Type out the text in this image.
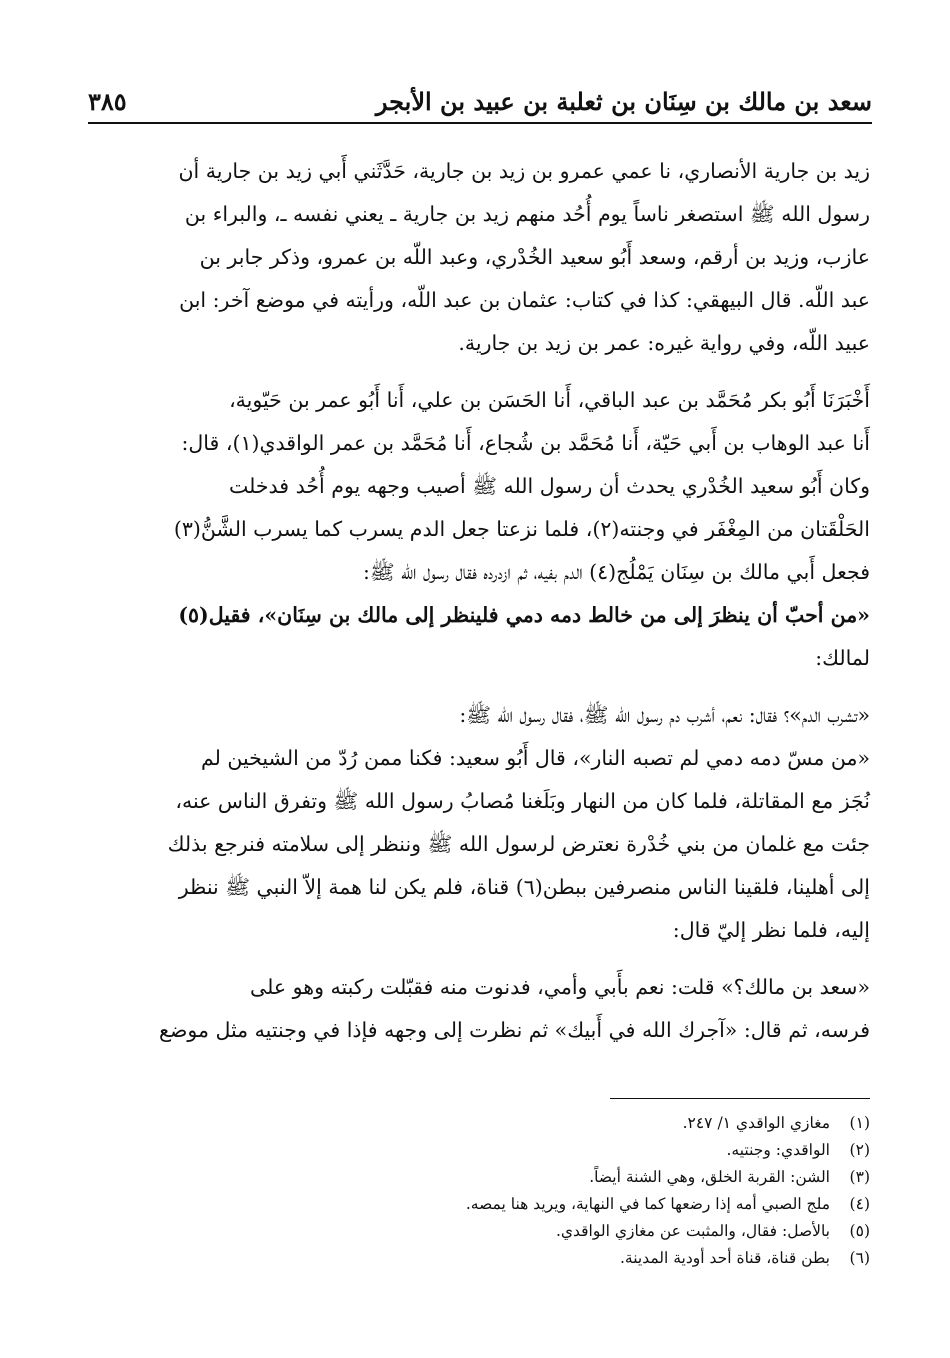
سعد بن مالك بن سِنَان بن ثعلبة بن عبيد بن الأبجر
٣٨٥

زيد بن جارية الأنصاري، نا عمي عمرو بن زيد بن جارية، حَدَّثَني أَبي زيد بن جارية أن

رسول الله ﷺ استصغر ناساً يوم أُحُد منهم زيد بن جارية ـ يعني نفسه ـ، والبراء بن

عازب، وزيد بن أرقم، وسعد أَبُو سعيد الخُدْري، وعبد اللّه بن عمرو، وذكر جابر بن

عبد اللّه. قال البيهقي: كذا في كتاب: عثمان بن عبد اللّه، ورأيته في موضع آخر: ابن

عبيد اللّه، وفي رواية غيره: عمر بن زيد بن جارية.

أَخْبَرَنَا أَبُو بكر مُحَمَّد بن عبد الباقي، أَنا الحَسَن بن علي، أَنا أَبُو عمر بن حَيّوية،

أَنا عبد الوهاب بن أَبي حَيّة، أَنا مُحَمَّد بن شُجاع، أَنا مُحَمَّد بن عمر الواقدي(١)، قال:

وكان أَبُو سعيد الخُدْري يحدث أن رسول الله ﷺ أصيب وجهه يوم أُحُد فدخلت

الحَلْقَتان من المِغْفَر في وجنته(٢)، فلما نزعتا جعل الدم يسرب كما يسرب الشَّنُّ(٣)

فجعل أَبي مالك بن سِنَان يَمْلُج(٤) الدم بفيه، ثم ازدرده فقال رسول الله ﷺ:

«من أحبّ أن ينظرَ إلى من خالط دمه دمي فلينظر إلى مالك بن سِنَان»، فقيل(٥)

لمالك:

«تشرب الدم»؟ فقال: نعم، أشرب دم رسول الله ﷺ، فقال رسول الله ﷺ:

«من مسّ دمه دمي لم تصبه النار»، قال أَبُو سعيد: فكنا ممن رُدّ من الشيخين لم

نُجَز مع المقاتلة، فلما كان من النهار وبَلَغنا مُصابُ رسول الله ﷺ وتفرق الناس عنه،

جئت مع غلمان من بني خُدْرة نعترض لرسول الله ﷺ وننظر إلى سلامته فنرجع بذلك

إلى أهلينا، فلقينا الناس منصرفين ببطن(٦) قناة، فلم يكن لنا همة إلاّ النبي ﷺ ننظر

إليه، فلما نظر إليّ قال:

«سعد بن مالك؟» قلت: نعم بأَبي وأمي، فدنوت منه فقبّلت ركبته وهو على

فرسه، ثم قال: «آجرك الله في أَبيك» ثم نظرت إلى وجهه فإذا في وجنتيه مثل موضع

(١)
مغازي الواقدي ١/ ٢٤٧.
(٢)
الواقدي: وجنتيه.
(٣)
الشن: القربة الخلق، وهي الشنة أيضاً.
(٤)
ملج الصبي أمه إذا رضعها كما في النهاية، ويريد هنا يمصه.
(٥)
بالأصل: فقال، والمثبت عن مغازي الواقدي.
(٦)
بطن قناة، قناة أحد أودية المدينة.
